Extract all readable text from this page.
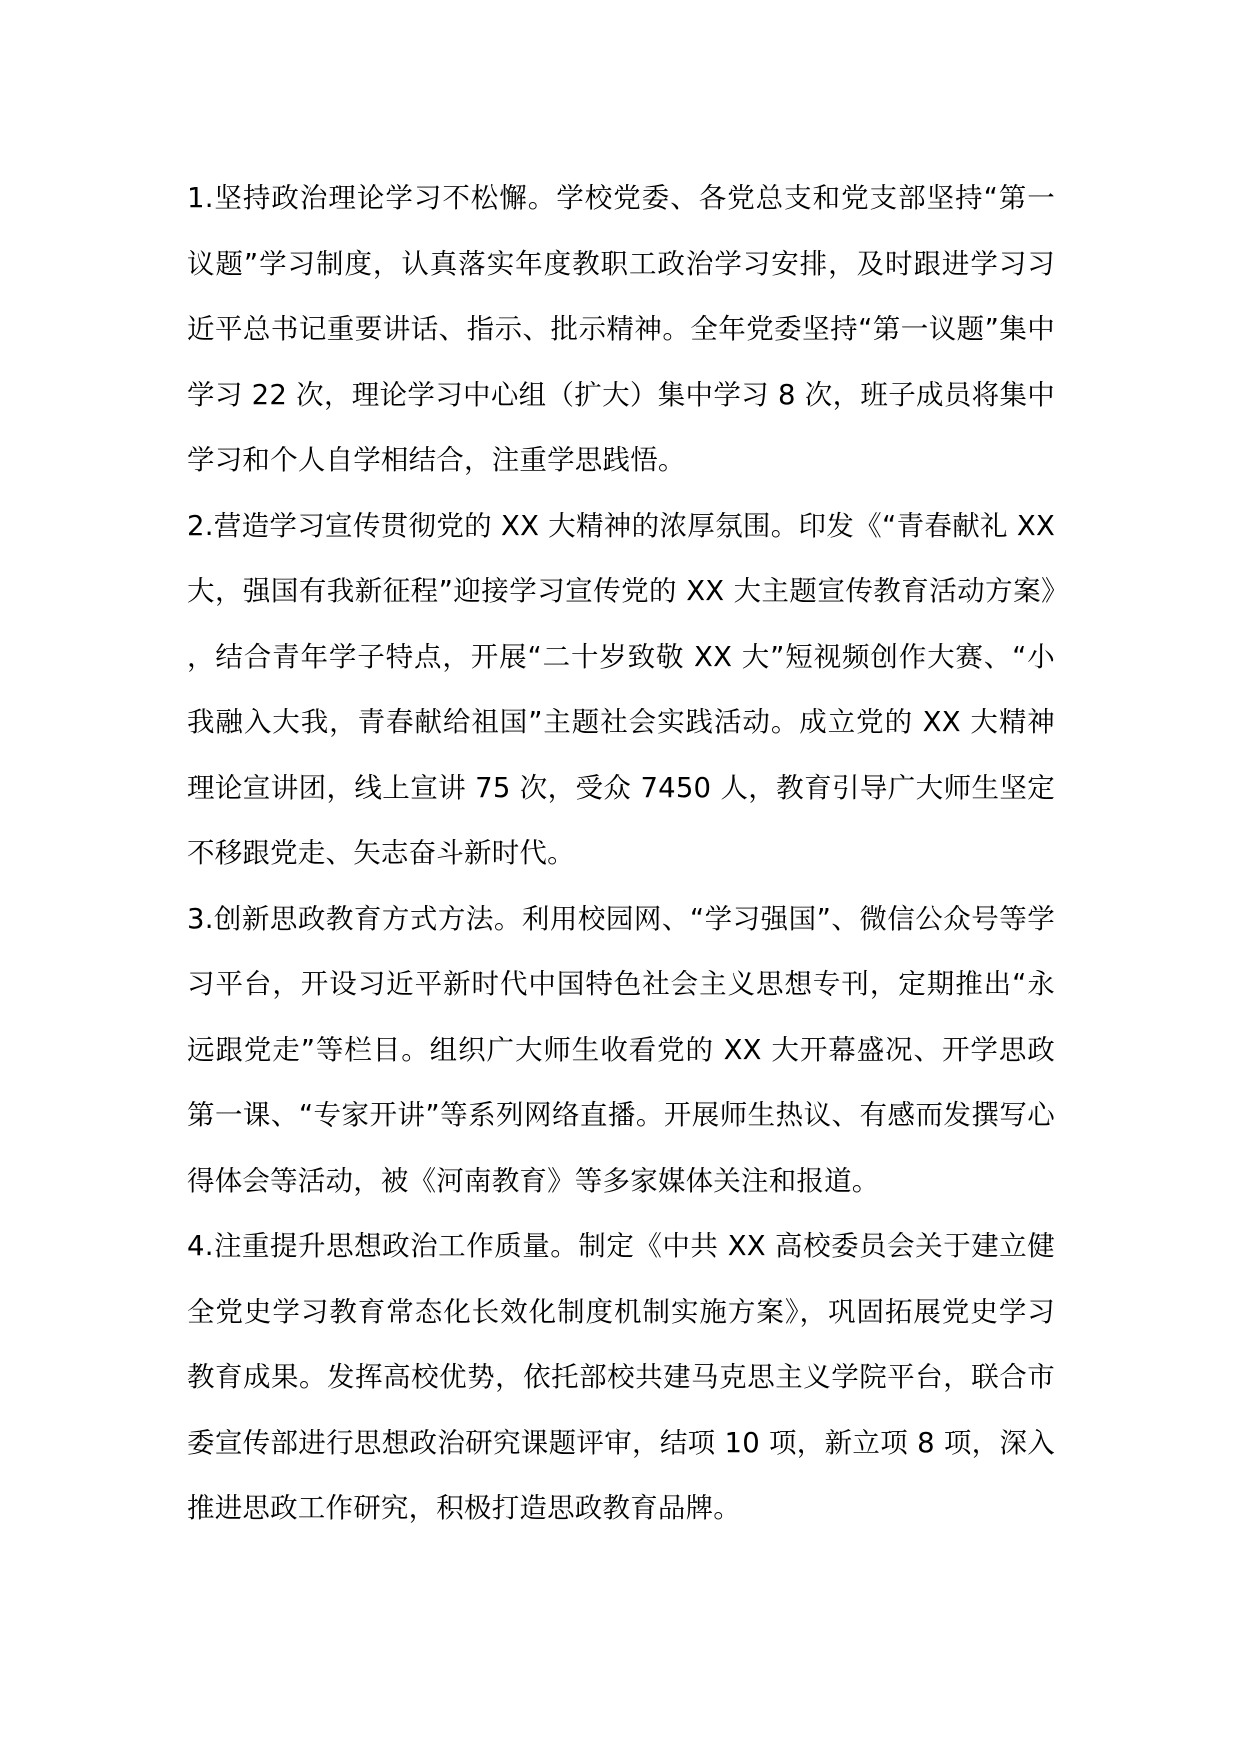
1.坚持政治理论学习不松懈。学校党委、各党总支和党支部坚持“第一议题”学习制度，认真落实年度教职工政治学习安排，及时跟进学习习近平总书记重要讲话、指示、批示精神。全年党委坚持“第一议题”集中学习 22 次，理论学习中心组（扩大）集中学习 8 次，班子成员将集中学习和个人自学相结合，注重学思践悟。

2.营造学习宣传贯彻党的 XX 大精神的浓厚氛围。印发《“青春献礼 XX 大，强国有我新征程”迎接学习宣传党的 XX 大主题宣传教育活动方案》，结合青年学子特点，开展“二十岁致敬 XX 大”短视频创作大赛、“小我融入大我，青春献给祖国”主题社会实践活动。成立党的 XX 大精神理论宣讲团，线上宣讲 75 次，受众 7450 人，教育引导广大师生坚定不移跟党走、矢志奋斗新时代。

3.创新思政教育方式方法。利用校园网、“学习强国”、微信公众号等学习平台，开设习近平新时代中国特色社会主义思想专刊，定期推出“永远跟党走”等栏目。组织广大师生收看党的 XX 大开幕盛况、开学思政第一课、“专家开讲”等系列网络直播。开展师生热议、有感而发撰写心得体会等活动，被《河南教育》等多家媒体关注和报道。

4.注重提升思想政治工作质量。制定《中共 XX 高校委员会关于建立健全党史学习教育常态化长效化制度机制实施方案》，巩固拓展党史学习教育成果。发挥高校优势，依托部校共建马克思主义学院平台，联合市委宣传部进行思想政治研究课题评审，结项 10 项，新立项 8 项，深入推进思政工作研究，积极打造思政教育品牌。
